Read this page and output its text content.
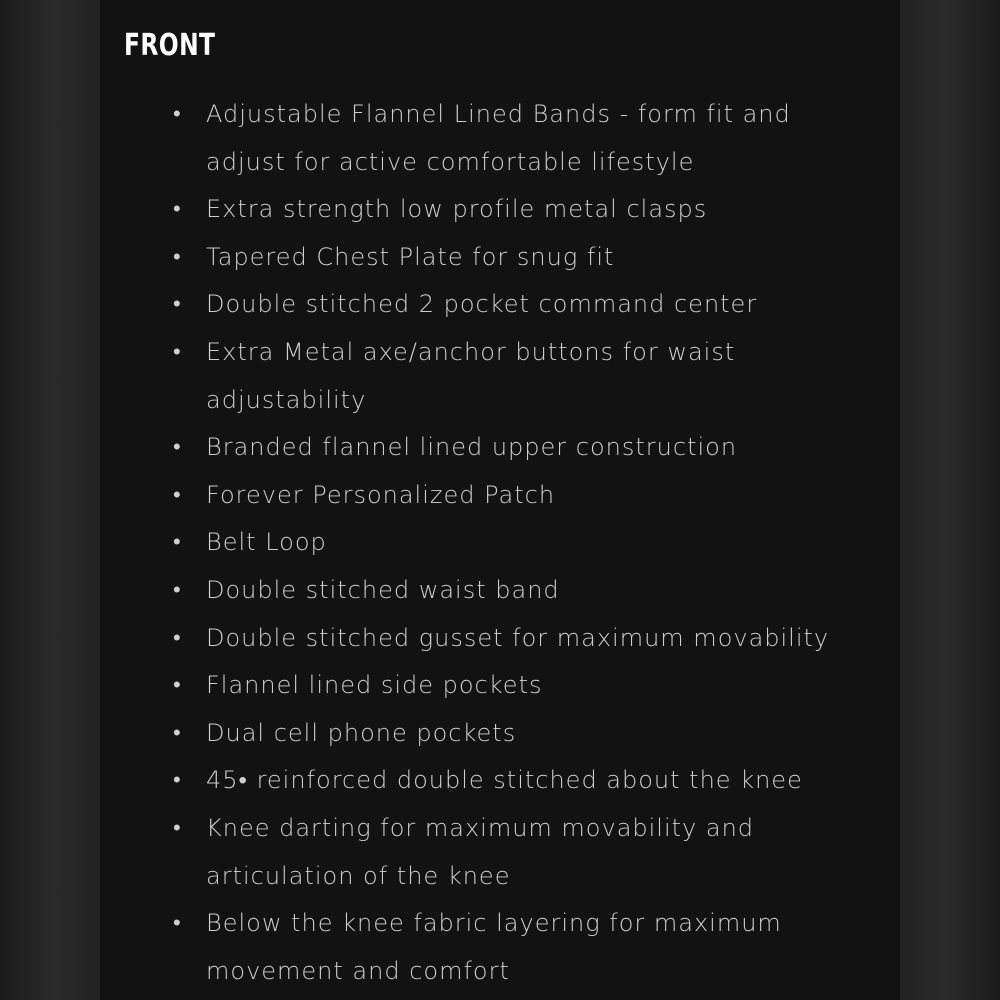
FRONT
• Adjustable Flannel Lined Bands - form fit and adjust for active comfortable lifestyle
• Extra strength low profile metal clasps
• Tapered Chest Plate for snug fit
• Double stitched 2 pocket command center
• Extra Metal axe/anchor buttons for waist adjustability
• Branded flannel lined upper construction
• Forever Personalized Patch
• Belt Loop
• Double stitched waist band
• Double stitched gusset for maximum movability
• Flannel lined side pockets
• Dual cell phone pockets
• 45• reinforced double stitched about the knee
• Knee darting for maximum movability and articulation of the knee
• Below the knee fabric layering for maximum movement and comfort
